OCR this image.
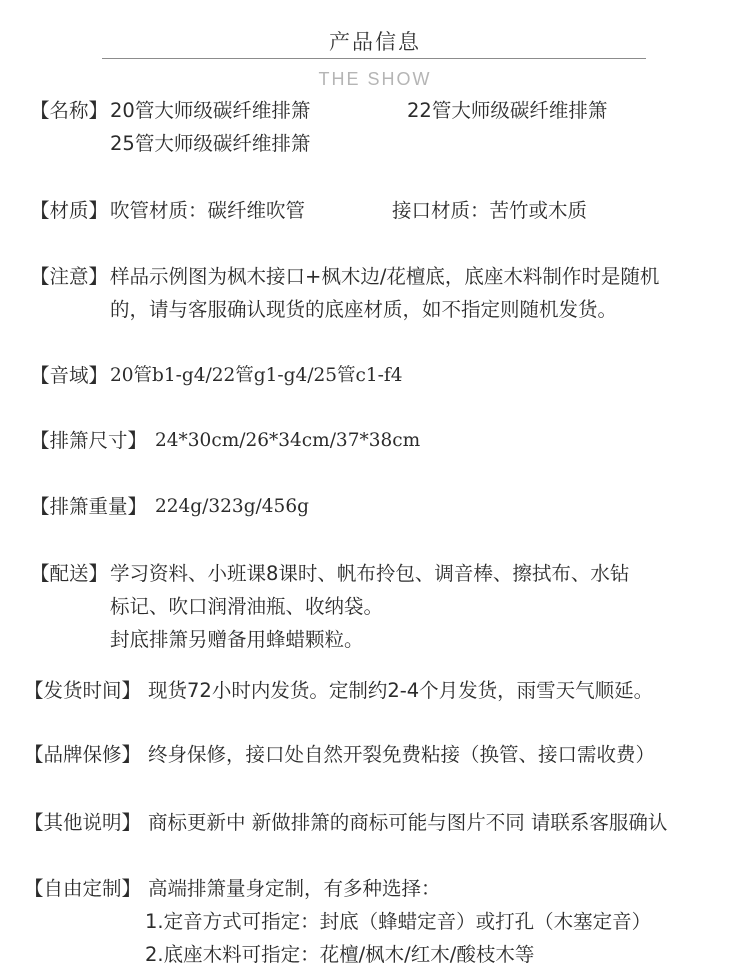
产品信息
THE SHOW
【名称】 20管大师级碳纤维排箫	22管大师级碳纤维排箫
25管大师级碳纤维排箫
【材质】 吹管材质：碳纤维吹管	接口材质：苦竹或木质
【注意】 样品示例图为枫木接口+枫木边/花檀底，底座木料制作时是随机
的，请与客服确认现货的底座材质，如不指定则随机发货。
【音域】 20管b1-g4/22管g1-g4/25管c1-f4
【排箫尺寸】 24*30cm/26*34cm/37*38cm
【排箫重量】 224g/323g/456g
【配送】 学习资料、小班课8课时、帆布拎包、调音棒、擦拭布、水钻
标记、吹口润滑油瓶、收纳袋。
封底排箫另赠备用蜂蜡颗粒。
【发货时间】 现货72小时内发货。定制约2-4个月发货，雨雪天气顺延。
【品牌保修】 终身保修，接口处自然开裂免费粘接（换管、接口需收费）
【其他说明】 商标更新中 新做排箫的商标可能与图片不同 请联系客服确认
【自由定制】 高端排箫量身定制，有多种选择：
1.定音方式可指定：封底（蜂蜡定音）或打孔（木塞定音）
2.底座木料可指定：花檀/枫木/红木/酸枝木等
